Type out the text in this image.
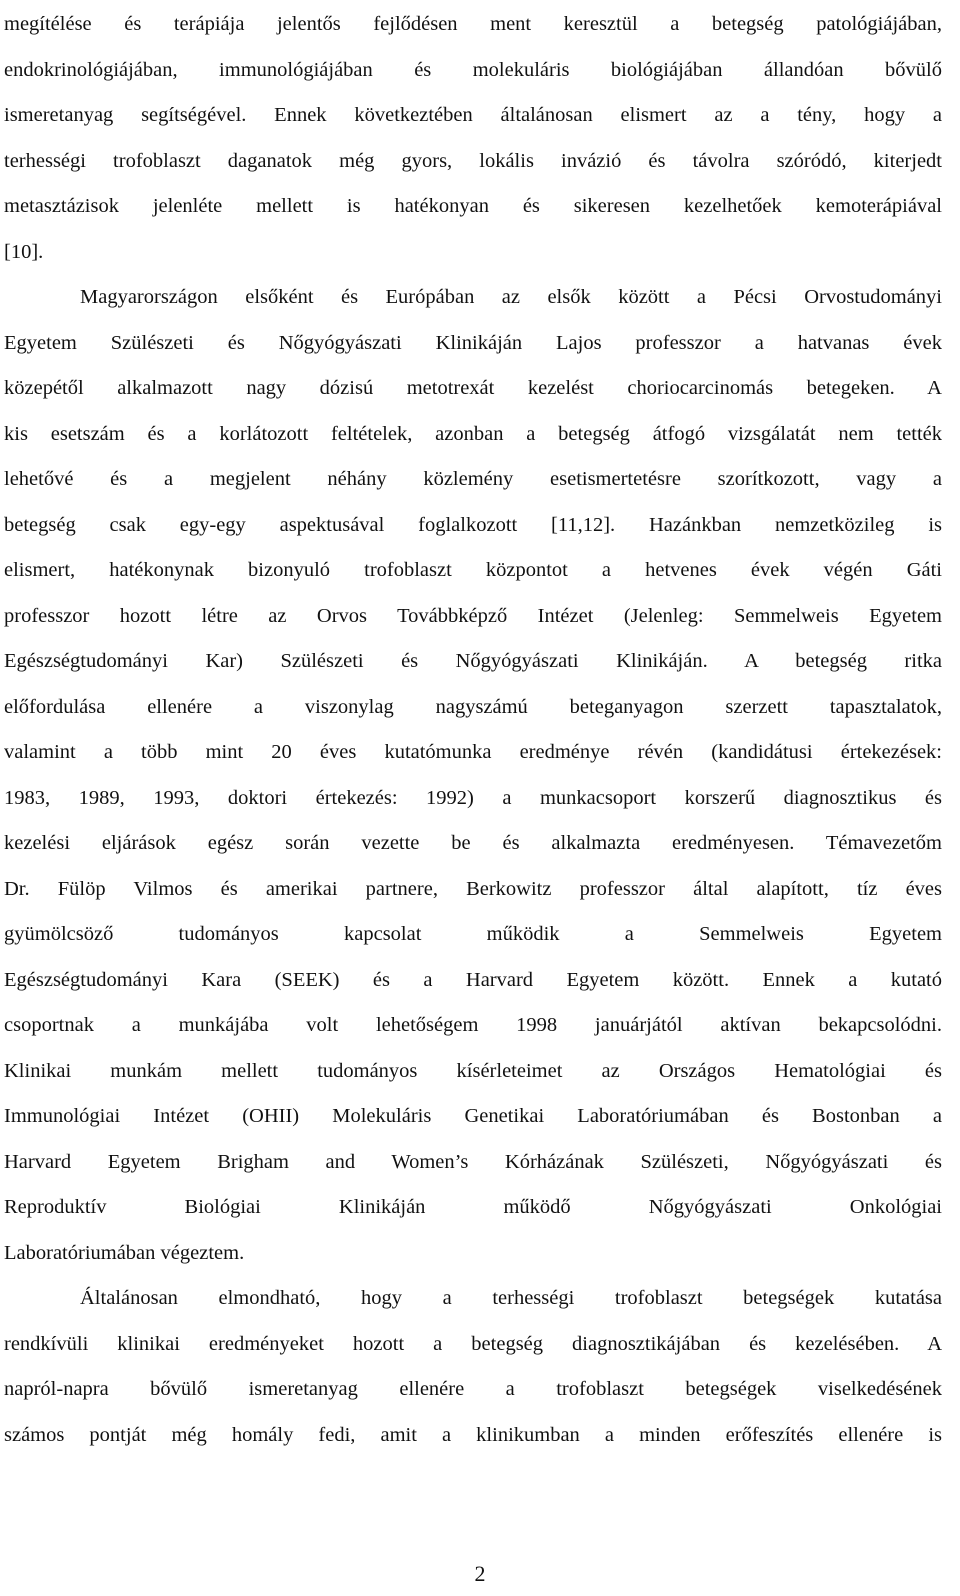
megítélése és terápiája jelentős fejlődésen ment keresztül a betegség patológiájában,
endokrinológiájában, immunológiájában és molekuláris biológiájában állandóan bővülő
ismeretanyag segítségével. Ennek következtében általánosan elismert az a tény, hogy a
terhességi trofoblaszt daganatok még gyors, lokális invázió és távolra szóródó, kiterjedt
metasztázisok jelenléte mellett is hatékonyan és sikeresen kezelhetőek kemoterápiával
[10].
Magyarországon elsőként és Európában az elsők között a Pécsi Orvostudományi
Egyetem Szülészeti és Nőgyógyászati Klinikáján Lajos professzor a hatvanas évek
közepétől alkalmazott nagy dózisú metotrexát kezelést choriocarcinomás betegeken. A
kis esetszám és a korlátozott feltételek, azonban a betegség átfogó vizsgálatát nem tették
lehetővé és a megjelent néhány közlemény esetismertetésre szorítkozott, vagy a
betegség csak egy-egy aspektusával foglalkozott [11,12]. Hazánkban nemzetközileg is
elismert, hatékonynak bizonyuló trofoblaszt központot a hetvenes évek végén Gáti
professzor hozott létre az Orvos Továbbképző Intézet (Jelenleg: Semmelweis Egyetem
Egészségtudományi Kar) Szülészeti és Nőgyógyászati Klinikáján. A betegség ritka
előfordulása ellenére a viszonylag nagyszámú beteganyagon szerzett tapasztalatok,
valamint a több mint 20 éves kutatómunka eredménye révén (kandidátusi értekezések:
1983, 1989, 1993, doktori értekezés: 1992) a munkacsoport korszerű diagnosztikus és
kezelési eljárások egész során vezette be és alkalmazta eredményesen. Témavezetőm
Dr. Fülöp Vilmos és amerikai partnere, Berkowitz professzor által alapított, tíz éves
gyümölcsöző tudományos kapcsolat működik a Semmelweis Egyetem
Egészségtudományi Kara (SEEK) és a Harvard Egyetem között. Ennek a kutató
csoportnak a munkájába volt lehetőségem 1998 januárjától aktívan bekapcsolódni.
Klinikai munkám mellett tudományos kísérleteimet az Országos Hematológiai és
Immunológiai Intézet (OHII) Molekuláris Genetikai Laboratóriumában és Bostonban a
Harvard Egyetem Brigham and Women’s Kórházának Szülészeti, Nőgyógyászati és
Reproduktív Biológiai Klinikáján működő Nőgyógyászati Onkológiai
Laboratóriumában végeztem.
Általánosan elmondható, hogy a terhességi trofoblaszt betegségek kutatása
rendkívüli klinikai eredményeket hozott a betegség diagnosztikájában és kezelésében. A
napról-napra bővülő ismeretanyag ellenére a trofoblaszt betegségek viselkedésének
számos pontját még homály fedi, amit a klinikumban a minden erőfeszítés ellenére is
2
